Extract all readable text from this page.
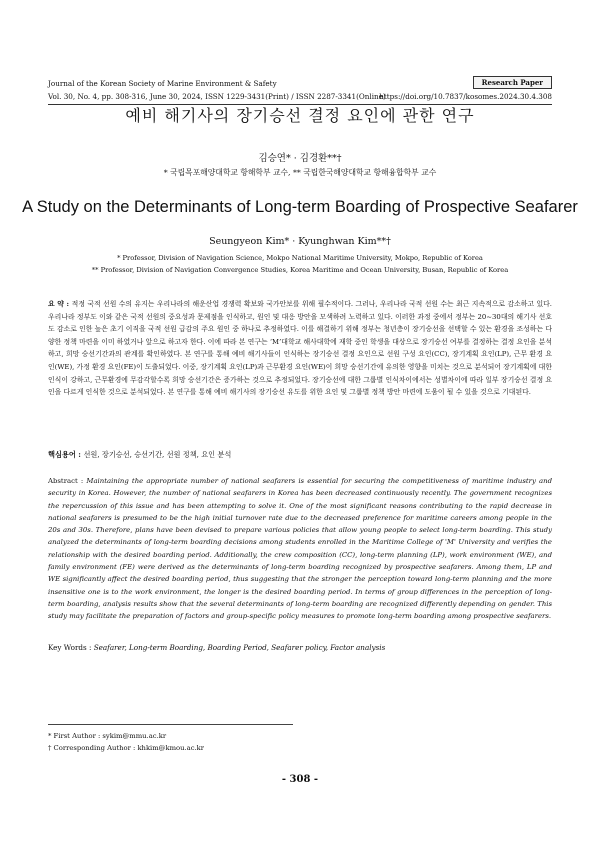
Journal of the Korean Society of Marine Environment & Safety	Research Paper
Vol. 30, No. 4, pp. 308-316, June 30, 2024, ISSN 1229-3431(Print) / ISSN 2287-3341(Online)
https://doi.org/10.7837/kosomes.2024.30.4.308
예비 해기사의 장기승선 결정 요인에 관한 연구
김승연* · 김경환**†
* 국립목포해양대학교 항해학부 교수, ** 국립한국해양대학교 항해융합학부 교수
A Study on the Determinants of Long-term Boarding of Prospective Seafarer
Seungyeon Kim* · Kyunghwan Kim**†
* Professor, Division of Navigation Science, Mokpo National Maritime University, Mokpo, Republic of Korea
** Professor, Division of Navigation Convergence Studies, Korea Maritime and Ocean University, Busan, Republic of Korea
요 약 : 적정 국적 선원 수의 유지는 우리나라의 해운산업 경쟁력 확보와 국가안보를 위해 필수적이다. 그러나, 우리나라 국적 선원 수는 최근 지속적으로 감소하고 있다. 우리나라 정부도 이와 같은 국적 선원의 중요성과 문제점을 인식하고, 원인 및 대응 방안을 모색하려 노력하고 있다. 이러한 과정 중에서 정부는 20~30대의 해기사 선호도 감소로 인한 높은 초기 이직을 국적 선원 급감의 주요 원인 중 하나로 추정하였다. 이를 해결하기 위해 정부는 청년층이 장기승선을 선택할 수 있는 환경을 조성하는 다양한 정책 마련을 이미 하였거나 앞으로 하고자 한다. 이에 따라 본 연구는 ‘M’대학교 해사대학에 재학 중인 학생을 대상으로 장기승선 여부를 결정하는 결정 요인을 분석하고, 희망 승선기간과의 관계를 확인하였다. 본 연구를 통해 예비 해기사들이 인식하는 장기승선 결정 요인으로 선원 구성 요인(CC), 장기계획 요인(LP), 근무 환경 요인(WE), 가정 환경 요인(FE)이 도출되었다. 이중, 장기계획 요인(LP)과 근무환경 요인(WE)이 희망 승선기간에 유의한 영향을 미치는 것으로 분석되어 장기계획에 대한 인식이 강하고, 근무환경에 무감각할수록 희망 승선기간은 증가하는 것으로 추정되었다. 장기승선에 대한 그룹별 인식차이에서는 성별차이에 따라 일부 장기승선 결정 요인을 다르게 인식한 것으로 분석되었다. 본 연구를 통해 예비 해기사의 장기승선 유도를 위한 요인 및 그룹별 정책 방안 마련에 도움이 될 수 있을 것으로 기대된다.
핵심용어 : 선원, 장기승선, 승선기간, 선원 정책, 요인 분석
Abstract : Maintaining the appropriate number of national seafarers is essential for securing the competitiveness of maritime industry and security in Korea. However, the number of national seafarers in Korea has been decreased continuously recently. The government recognizes the repercussion of this issue and has been attempting to solve it. One of the most significant reasons contributing to the rapid decrease in national seafarers is presumed to be the high initial turnover rate due to the decreased preference for maritime careers among people in the 20s and 30s. Therefore, plans have been devised to prepare various policies that allow young people to select long-term boarding. This study analyzed the determinants of long-term boarding decisions among students enrolled in the Maritime College of 'M' University and verifies the relationship with the desired boarding period. Additionally, the crew composition (CC), long-term planning (LP), work environment (WE), and family environment (FE) were derived as the determinants of long-term boarding recognized by prospective seafarers. Among them, LP and WE significantly affect the desired boarding period, thus suggesting that the stronger the perception toward long-term planning and the more insensitive one is to the work environment, the longer is the desired boarding period. In terms of group differences in the perception of long-term boarding, analysis results show that the several determinants of long-term boarding are recognized differently depending on gender. This study may facilitate the preparation of factors and group-specific policy measures to promote long-term boarding among prospective seafarers.
Key Words : Seafarer, Long-term Boarding, Boarding Period, Seafarer policy, Factor analysis
* First Author : sykim@mmu.ac.kr
† Corresponding Author : khkim@kmou.ac.kr
- 308 -
